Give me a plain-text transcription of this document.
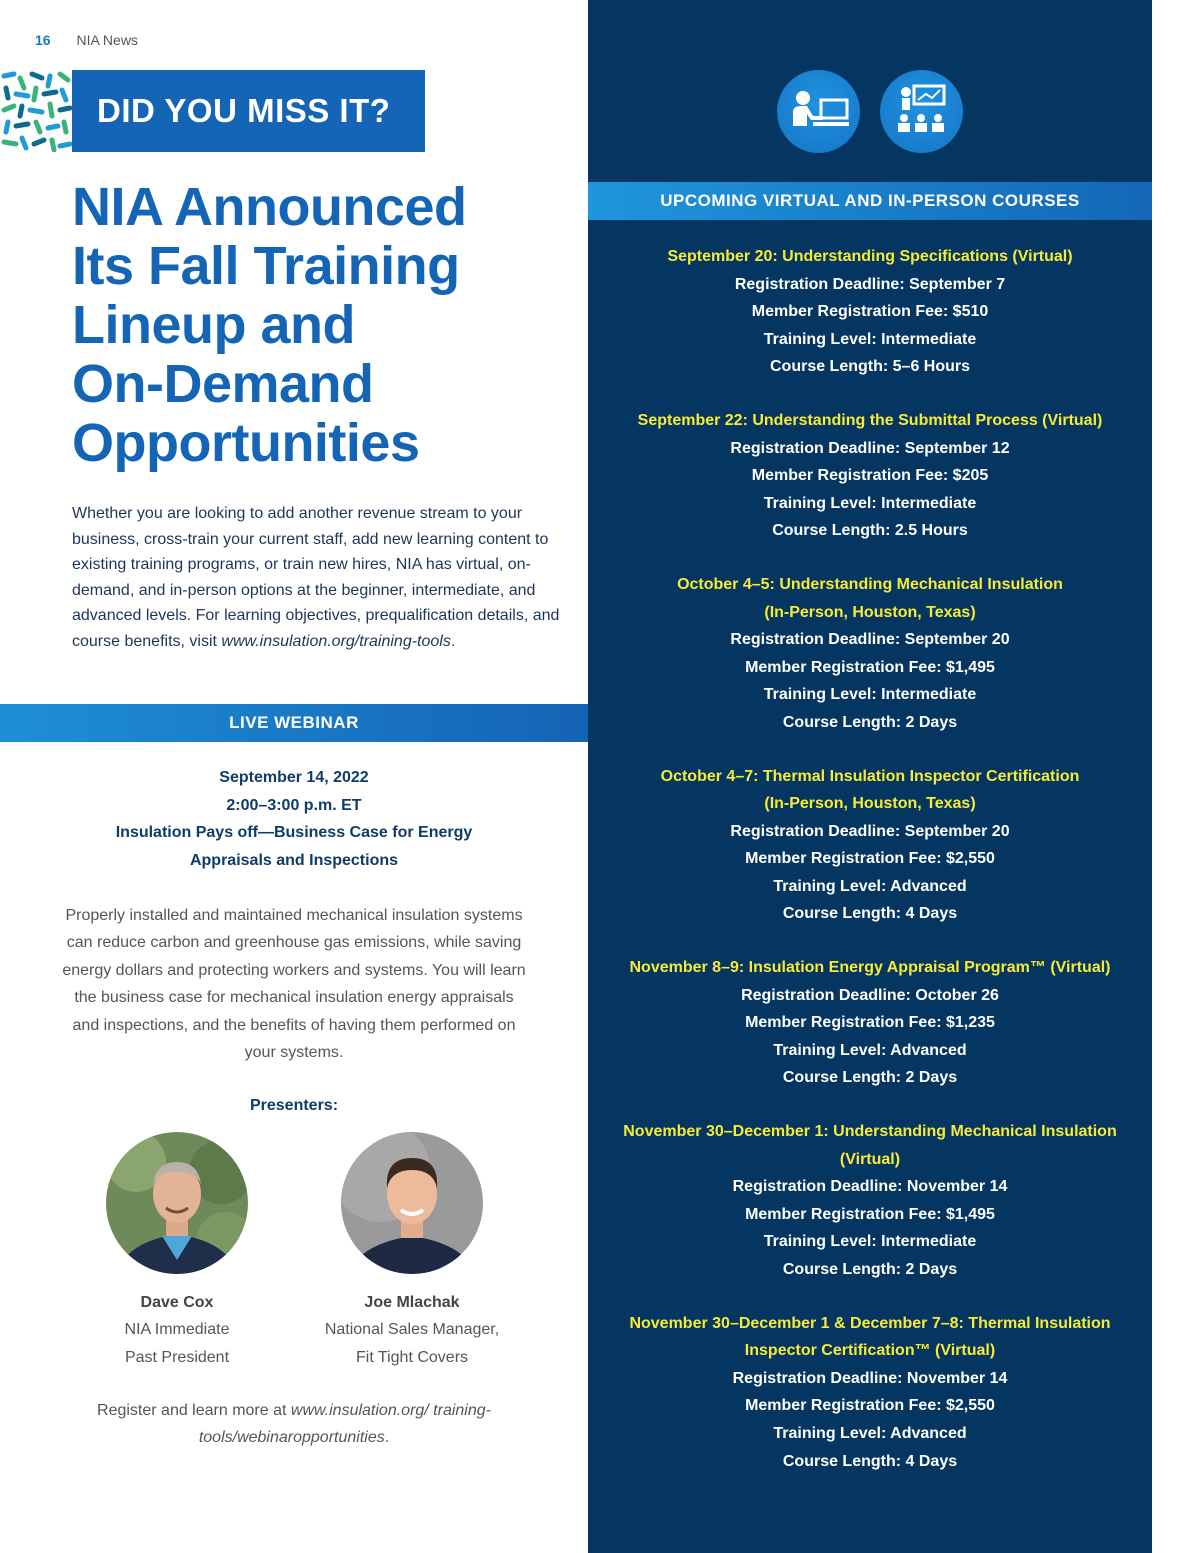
16 NIA News
DID YOU MISS IT?
NIA Announced
Its Fall Training
Lineup and
On-Demand
Opportunities

Whether you are looking to add another revenue stream to your business, cross-train your current staff, add new learning content to existing training programs, or train new hires, NIA has virtual, on-demand, and in-person options at the beginner, intermediate, and advanced levels. For learning objectives, prequalification details, and course benefits, visit www.insulation.org/training-tools.

LIVE WEBINAR
September 14, 2022
2:00–3:00 p.m. ET
Insulation Pays off—Business Case for Energy
Appraisals and Inspections

Properly installed and maintained mechanical insulation systems can reduce carbon and greenhouse gas emissions, while saving energy dollars and protecting workers and systems. You will learn the business case for mechanical insulation energy appraisals and inspections, and the benefits of having them performed on your systems.

Presenters:
Dave Cox
NIA Immediate
Past President
Joe Mlachak
National Sales Manager,
Fit Tight Covers

Register and learn more at www.insulation.org/ training-tools/webinaropportunities.

UPCOMING VIRTUAL AND IN-PERSON COURSES
September 20: Understanding Specifications (Virtual)
Registration Deadline: September 7
Member Registration Fee: $510
Training Level: Intermediate
Course Length: 5–6 Hours
September 22: Understanding the Submittal Process (Virtual)
Registration Deadline: September 12
Member Registration Fee: $205
Training Level: Intermediate
Course Length: 2.5 Hours
October 4–5: Understanding Mechanical Insulation
(In-Person, Houston, Texas)
Registration Deadline: September 20
Member Registration Fee: $1,495
Training Level: Intermediate
Course Length: 2 Days
October 4–7: Thermal Insulation Inspector Certification
(In-Person, Houston, Texas)
Registration Deadline: September 20
Member Registration Fee: $2,550
Training Level: Advanced
Course Length: 4 Days
November 8–9: Insulation Energy Appraisal Program™ (Virtual)
Registration Deadline: October 26
Member Registration Fee: $1,235
Training Level: Advanced
Course Length: 2 Days
November 30–December 1: Understanding Mechanical Insulation
(Virtual)
Registration Deadline: November 14
Member Registration Fee: $1,495
Training Level: Intermediate
Course Length: 2 Days
November 30–December 1 & December 7–8: Thermal Insulation
Inspector Certification™ (Virtual)
Registration Deadline: November 14
Member Registration Fee: $2,550
Training Level: Advanced
Course Length: 4 Days
